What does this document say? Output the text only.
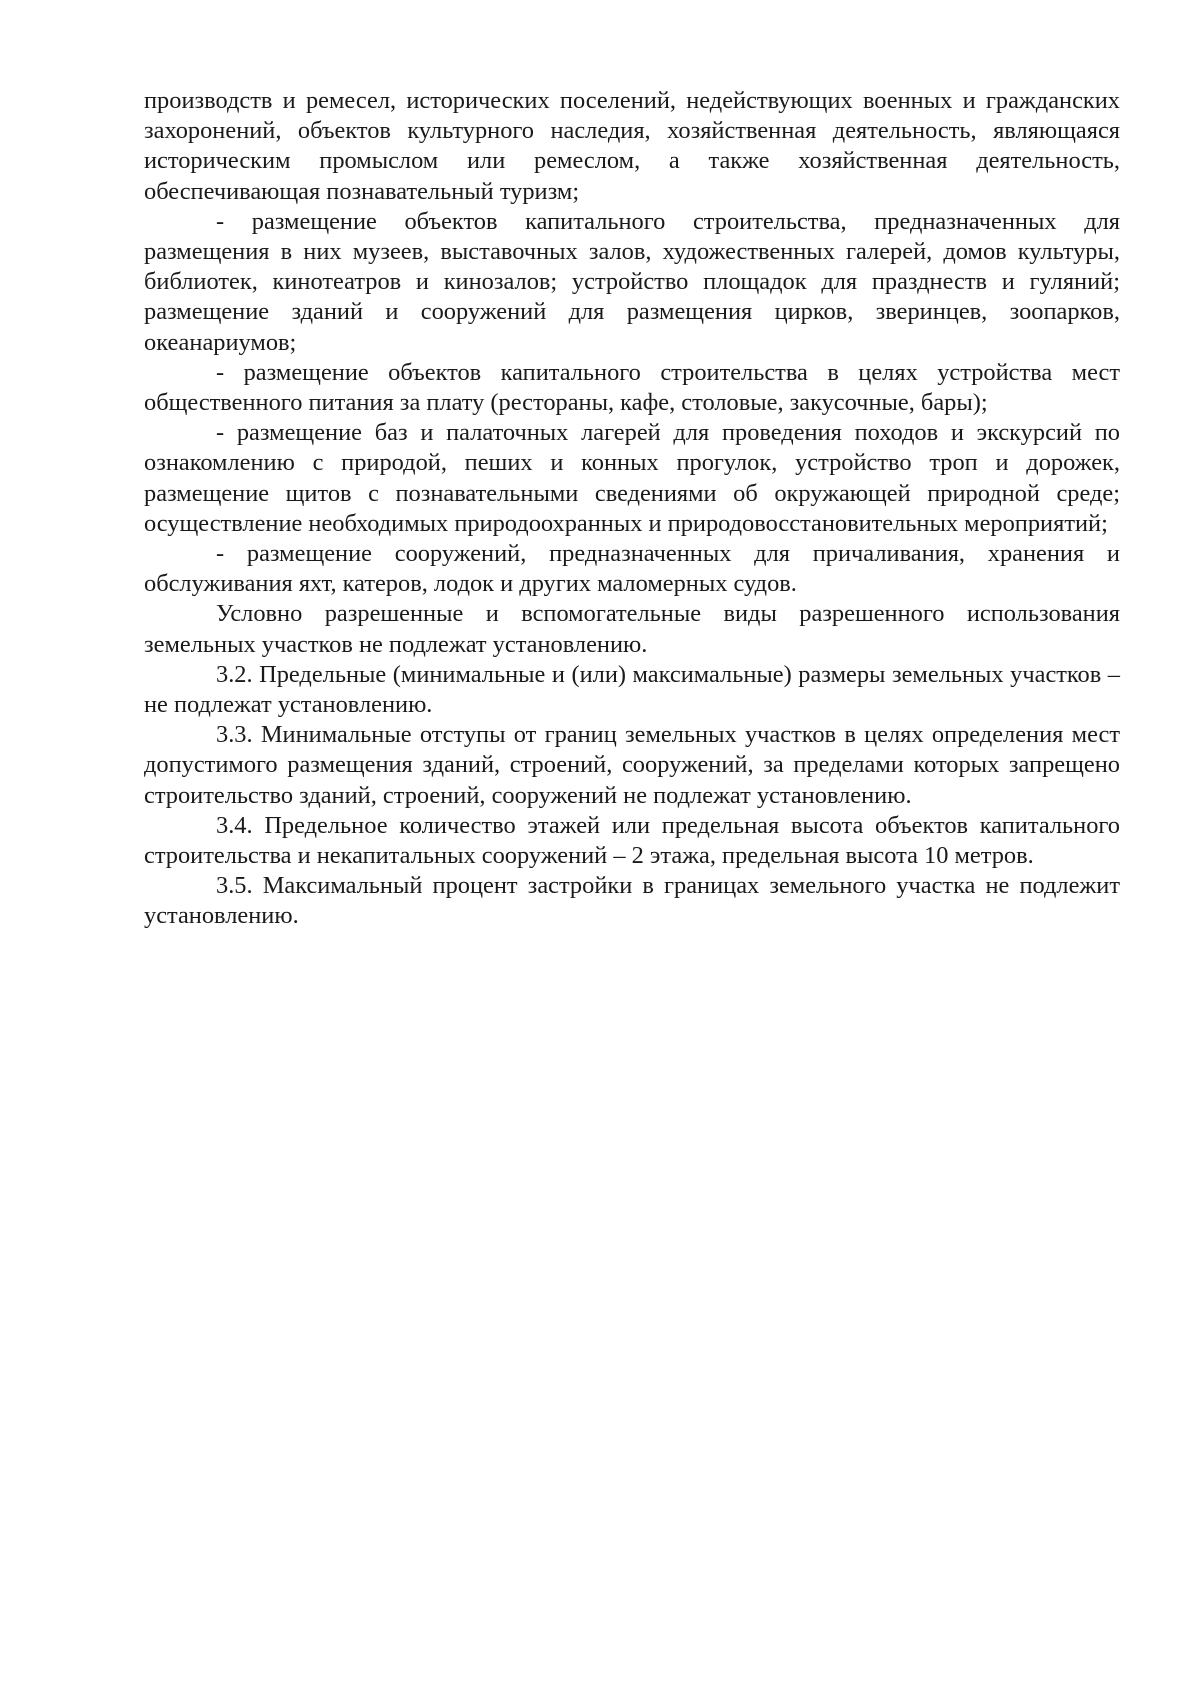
производств и ремесел, исторических поселений, недействующих военных и гражданских захоронений, объектов культурного наследия, хозяйственная деятельность, являющаяся историческим промыслом или ремеслом, а также хозяйственная деятельность, обеспечивающая познавательный туризм;

- размещение объектов капитального строительства, предназначенных для размещения в них музеев, выставочных залов, художественных галерей, домов культуры, библиотек, кинотеатров и кинозалов; устройство площадок для празднеств и гуляний; размещение зданий и сооружений для размещения цирков, зверинцев, зоопарков, океанариумов;

- размещение объектов капитального строительства в целях устройства мест общественного питания за плату (рестораны, кафе, столовые, закусочные, бары);

- размещение баз и палаточных лагерей для проведения походов и экскурсий по ознакомлению с природой, пеших и конных прогулок, устройство троп и дорожек, размещение щитов с познавательными сведениями об окружающей природной среде; осуществление необходимых природоохранных и природовосстановительных мероприятий;

- размещение сооружений, предназначенных для причаливания, хранения и обслуживания яхт, катеров, лодок и других маломерных судов.

Условно разрешенные и вспомогательные виды разрешенного использования земельных участков не подлежат установлению.

3.2. Предельные (минимальные и (или) максимальные) размеры земельных участков – не подлежат установлению.

3.3. Минимальные отступы от границ земельных участков в целях определения мест допустимого размещения зданий, строений, сооружений, за пределами которых запрещено строительство зданий, строений, сооружений не подлежат установлению.

3.4. Предельное количество этажей или предельная высота объектов капитального строительства и некапитальных сооружений – 2 этажа, предельная высота 10 метров.

3.5. Максимальный процент застройки в границах земельного участка не подлежит установлению.
